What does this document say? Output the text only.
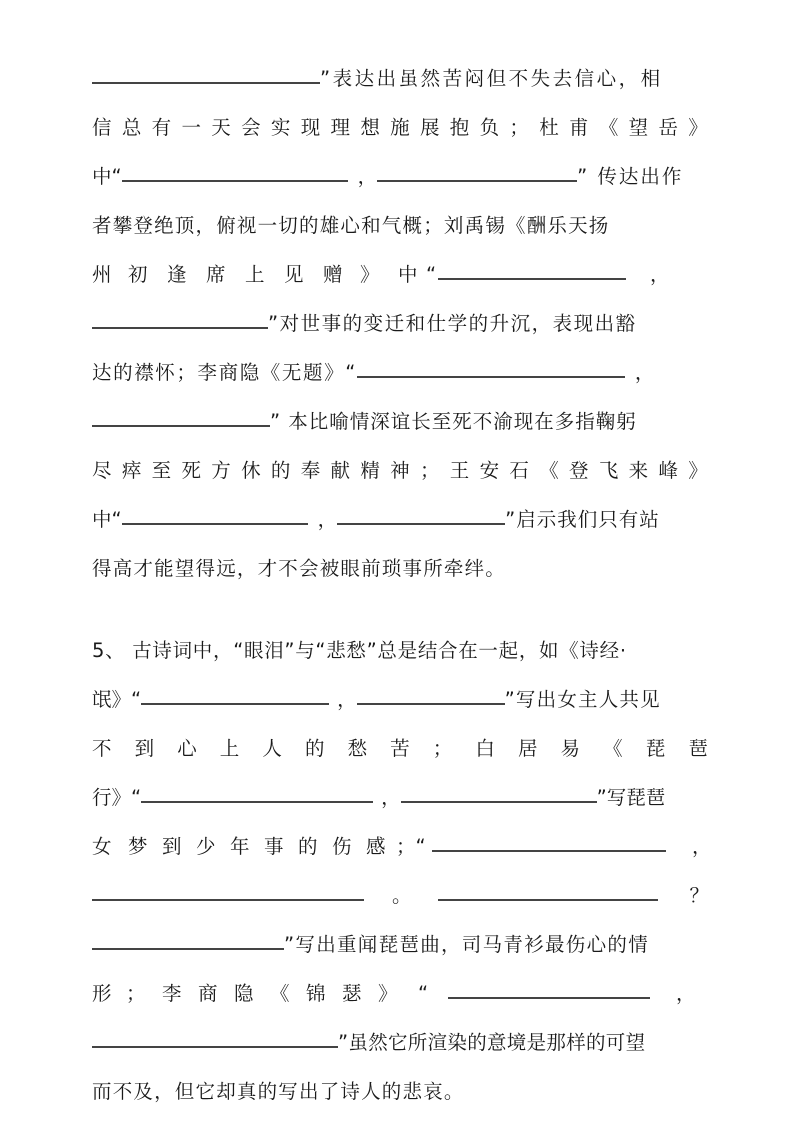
”表达出虽然苦闷但不失去信心，相
信 总 有 一 天 会 实 现 理 想 施 展 抱 负 ； 杜 甫 《 望 岳 》
中“	，	” 传达出作
者攀登绝顶，俯视一切的雄心和气概；刘禹锡《酬乐天扬
州 初 逢 席 上 见 赠 》 中 “	，
”对世事的变迁和仕学的升沉，表现出豁
达的襟怀；李商隐《无题》“	，
” 本比喻情深谊长至死不渝现在多指鞠躬
尽 瘁 至 死 方 休 的 奉 献 精 神 ； 王 安 石 《 登 飞 来 峰 》
中“	，	”启示我们只有站
得高才能望得远，才不会被眼前琐事所牵绊。
5、 古诗词中，“眼泪”与“悲愁”总是结合在一起，如《诗经·
氓》“	，	”写出女主人共见
不 到 心 上 人 的 愁 苦 ； 白 居 易 《 琵 琶
行》“	，	”写琵琶
女 梦 到 少 年 事 的 伤 感 ；“	，
。	？
”写出重闻琵琶曲，司马青衫最伤心的情
形 ； 李 商 隐 《 锦 瑟 》	“	，
”虽然它所渲染的意境是那样的可望
而不及，但它却真的写出了诗人的悲哀。
